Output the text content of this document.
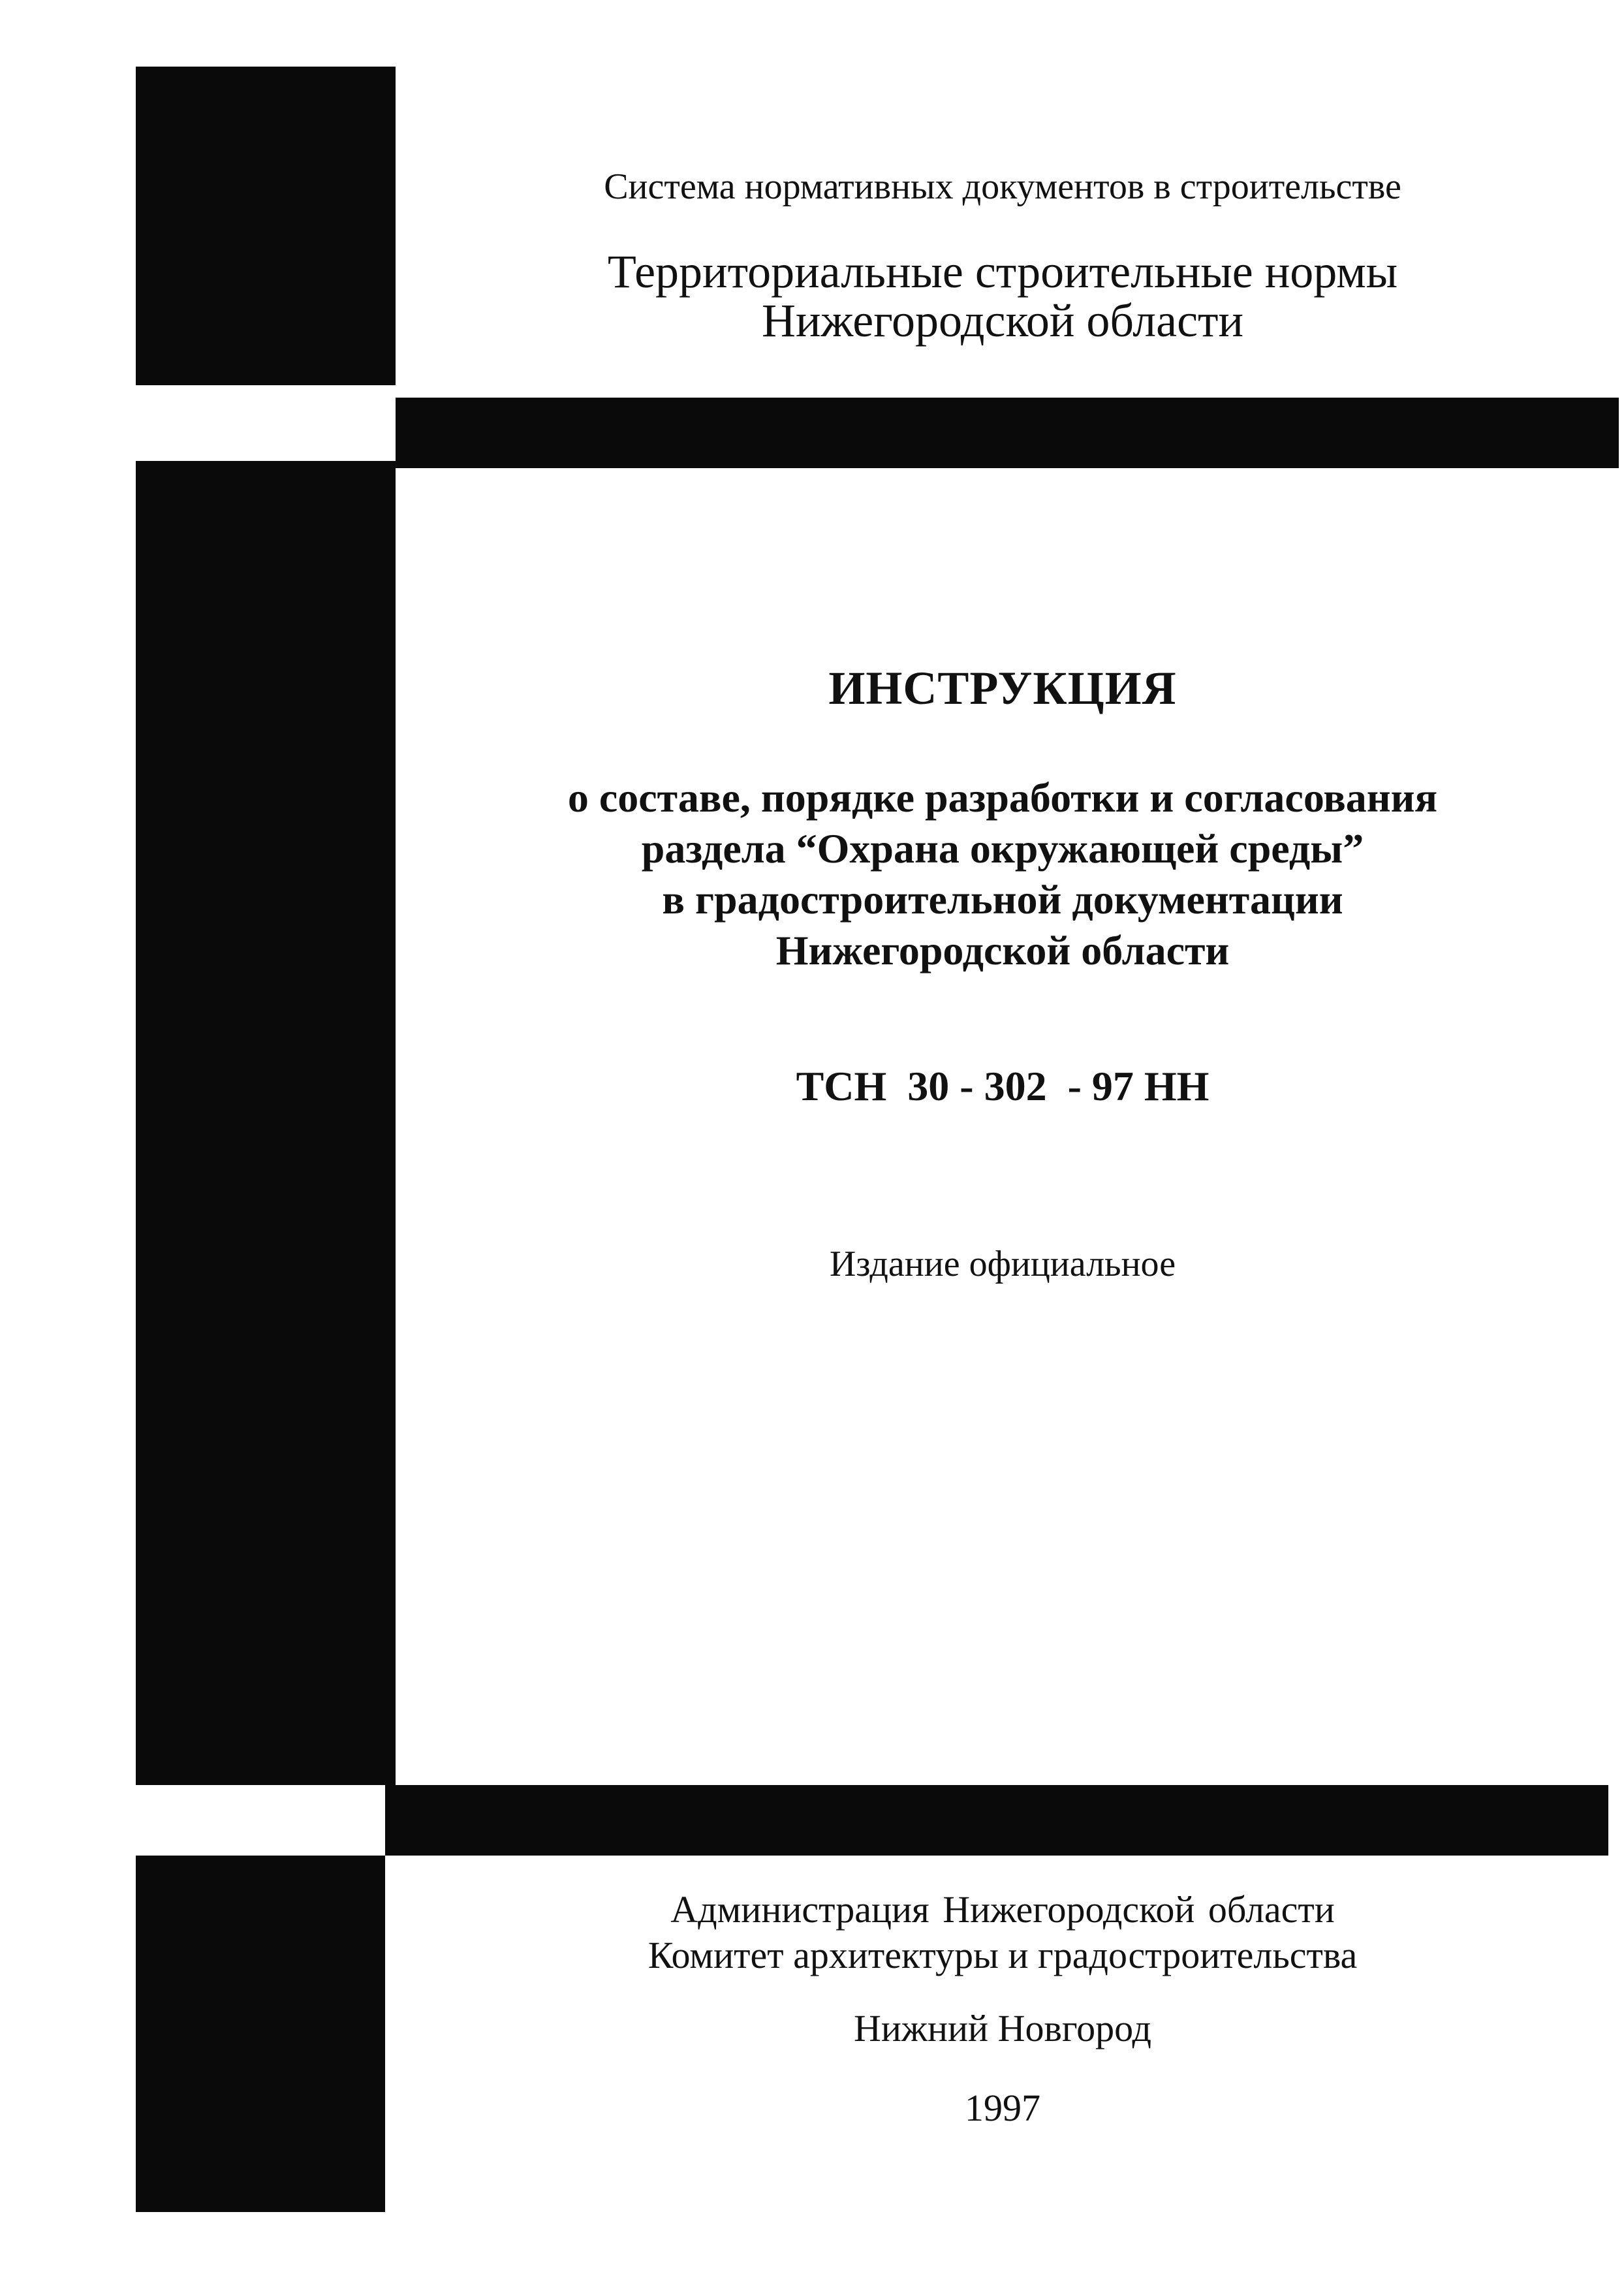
Система нормативных документов в строительстве
Территориальные строительные нормы
Нижегородской области
ИНСТРУКЦИЯ
о составе, порядке разработки и согласования
раздела “Охрана окружающей среды”
в градостроительной документации
Нижегородской области
ТСН  30 - 302  - 97 НН
Издание официальное
Администрация Нижегородской области
Комитет архитектуры и градостроительства
Нижний Новгород
1997
